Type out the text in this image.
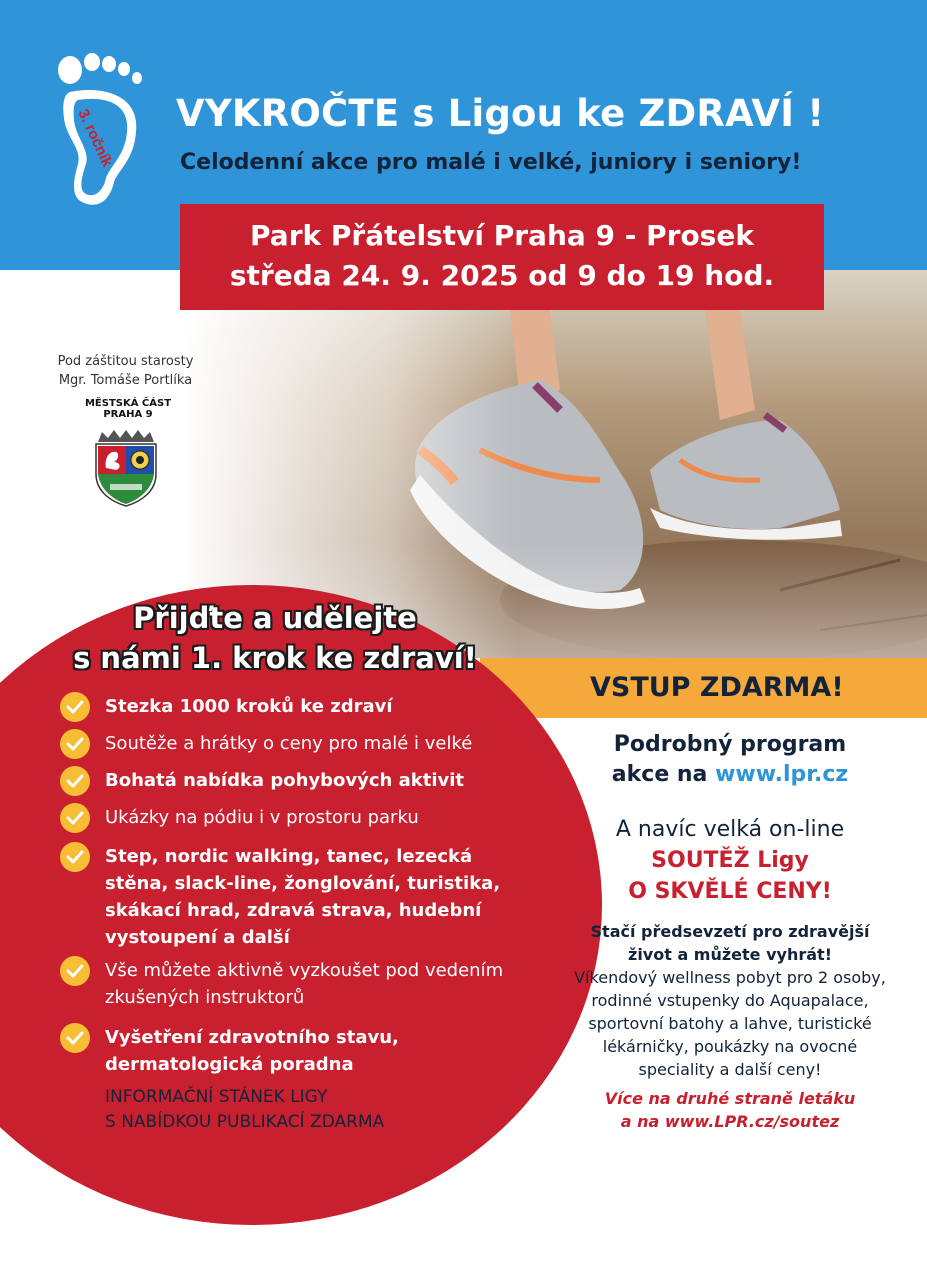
3. ročník VYKROČTE s Ligou ke ZDRAVÍ !
Celodenní akce pro malé i velké, juniory i seniory!
Park Přátelství Praha 9 - Prosek
středa 24. 9. 2025 od 9 do 19 hod.
Pod záštitou starosty
Mgr. Tomáše Portlíka
MĚSTSKÁ ČÁST
PRAHA 9
VSTUP ZDARMA!
Přijďte a udělejte
s námi 1. krok ke zdraví!
Stezka 1000 kroků ke zdraví
Soutěže a hrátky o ceny pro malé i velké
Bohatá nabídka pohybových aktivit
Ukázky na pódiu i v prostoru parku
Step, nordic walking, tanec, lezecká stěna, slack-line, žonglování, turistika, skákací hrad, zdravá strava, hudební vystoupení a další
Vše můžete aktivně vyzkoušet pod vedením zkušených instruktorů
Vyšetření zdravotního stavu, dermatologická poradna
INFORMAČNÍ STÁNEK LIGY
S NABÍDKOU PUBLIKACÍ ZDARMA
Podrobný program
akce na www.lpr.cz
A navíc velká on-line
SOUTĚŽ Ligy
O SKVĚLÉ CENY!
Stačí předsevzetí pro zdravější
život a můžete vyhrát!
Víkendový wellness pobyt pro 2 osoby,
rodinné vstupenky do Aquapalace,
sportovní batohy a lahve, turistické
lékárničky, poukázky na ovocné
speciality a další ceny!
Více na druhé straně letáku
a na www.LPR.cz/soutez
